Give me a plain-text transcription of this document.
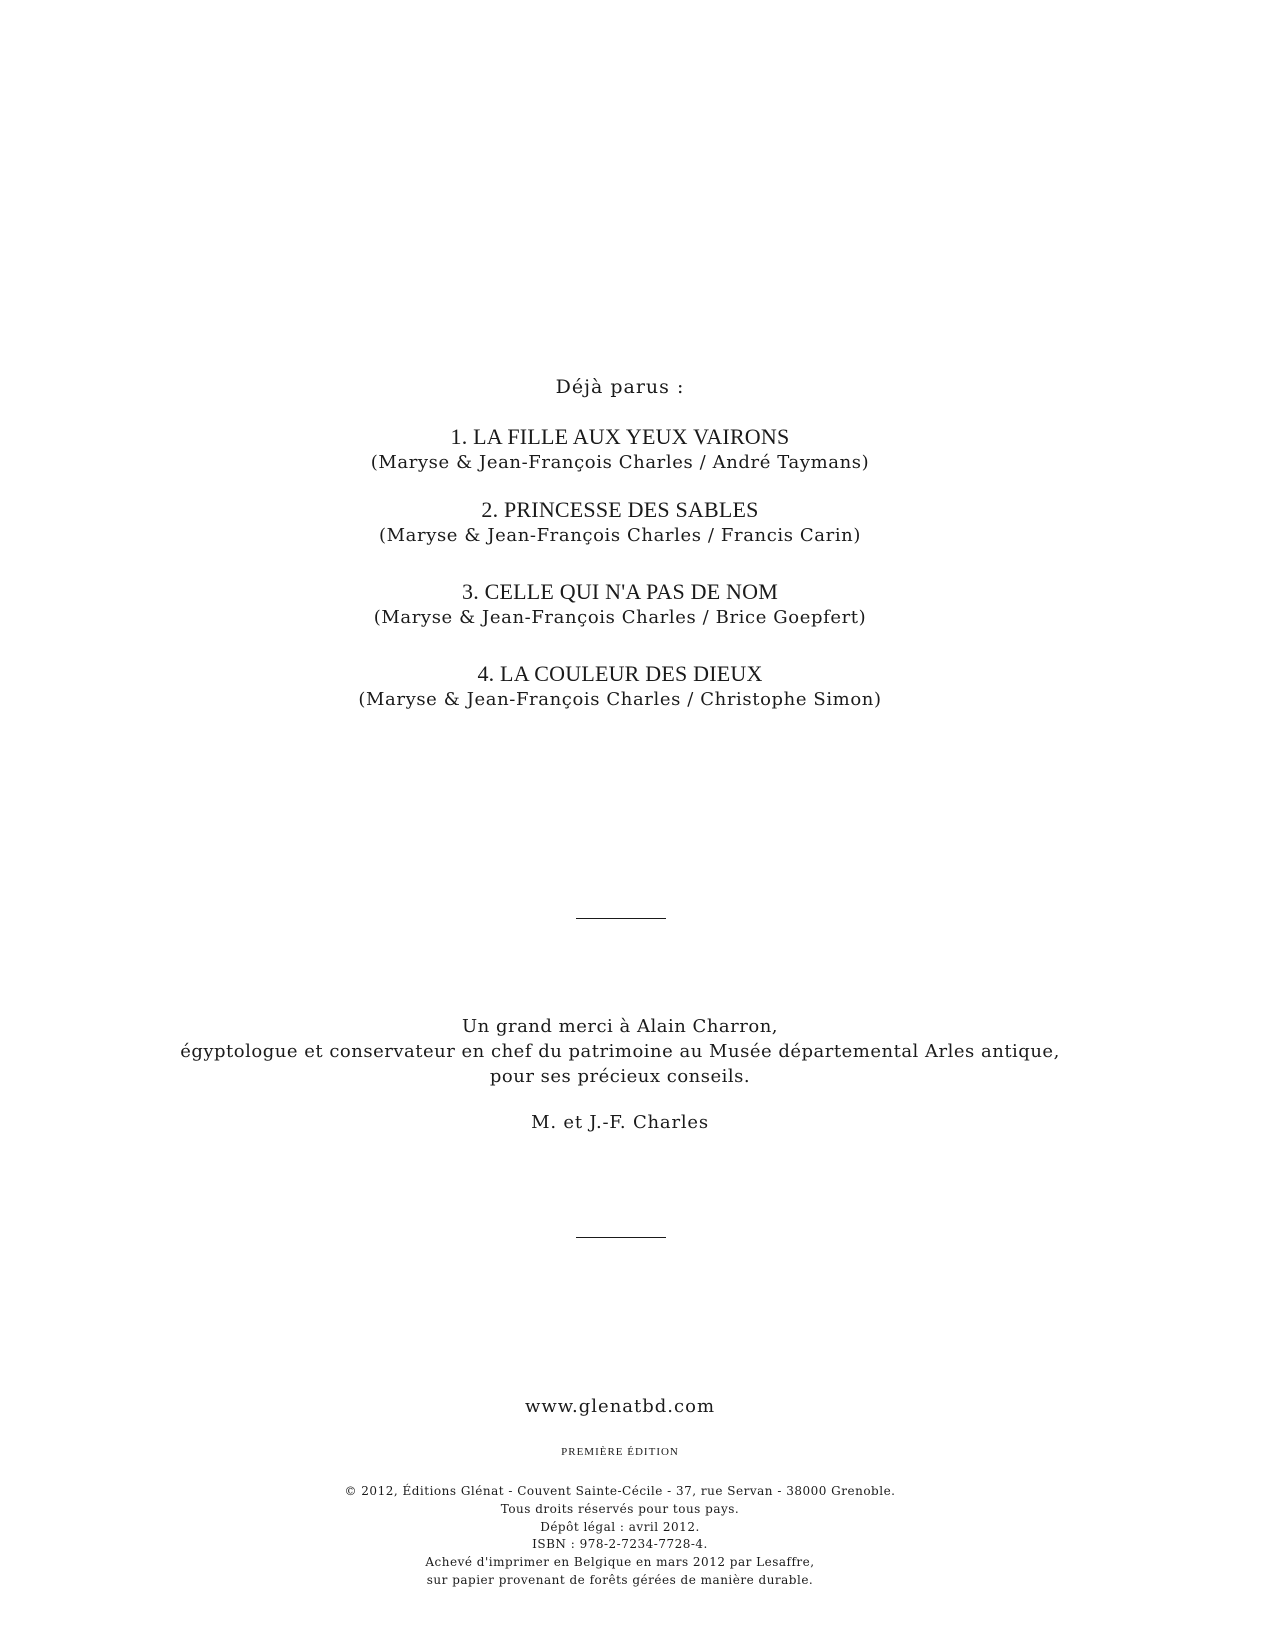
Déjà parus :
1. LA FILLE AUX YEUX VAIRONS
(Maryse & Jean-François Charles / André Taymans)
2. PRINCESSE DES SABLES
(Maryse & Jean-François Charles / Francis Carin)
3. CELLE QUI N'A PAS DE NOM
(Maryse & Jean-François Charles / Brice Goepfert)
4. LA COULEUR DES DIEUX
(Maryse & Jean-François Charles / Christophe Simon)
Un grand merci à Alain Charron,
égyptologue et conservateur en chef du patrimoine au Musée départemental Arles antique,
pour ses précieux conseils.
M. et J.-F. Charles
www.glenatbd.com
PREMIÈRE ÉDITION
© 2012, Éditions Glénat - Couvent Sainte-Cécile - 37, rue Servan - 38000 Grenoble.
Tous droits réservés pour tous pays.
Dépôt légal : avril 2012.
ISBN : 978-2-7234-7728-4.
Achevé d'imprimer en Belgique en mars 2012 par Lesaffre,
sur papier provenant de forêts gérées de manière durable.
